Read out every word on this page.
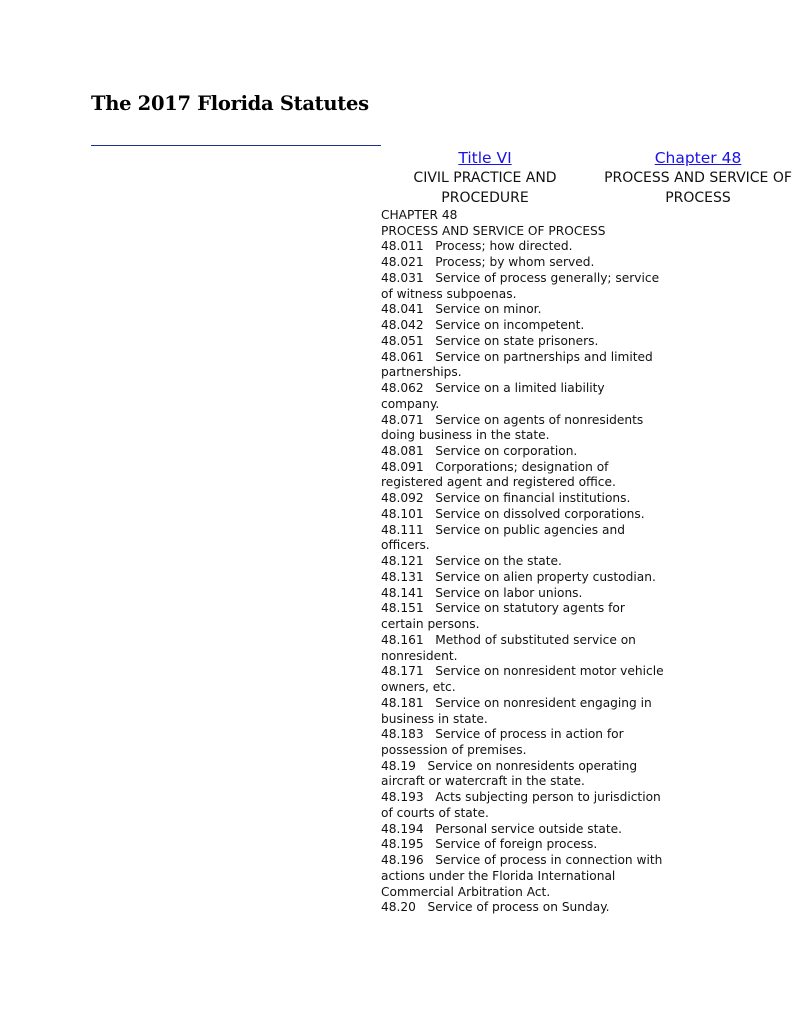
The 2017 Florida Statutes
Title VI
CIVIL PRACTICE AND
PROCEDURE
Chapter 48
PROCESS AND SERVICE OF
PROCESS
CHAPTER 48
PROCESS AND SERVICE OF PROCESS
48.011   Process; how directed.
48.021   Process; by whom served.
48.031   Service of process generally; service
of witness subpoenas.
48.041   Service on minor.
48.042   Service on incompetent.
48.051   Service on state prisoners.
48.061   Service on partnerships and limited
partnerships.
48.062   Service on a limited liability
company.
48.071   Service on agents of nonresidents
doing business in the state.
48.081   Service on corporation.
48.091   Corporations; designation of
registered agent and registered office.
48.092   Service on financial institutions.
48.101   Service on dissolved corporations.
48.111   Service on public agencies and
officers.
48.121   Service on the state.
48.131   Service on alien property custodian.
48.141   Service on labor unions.
48.151   Service on statutory agents for
certain persons.
48.161   Method of substituted service on
nonresident.
48.171   Service on nonresident motor vehicle
owners, etc.
48.181   Service on nonresident engaging in
business in state.
48.183   Service of process in action for
possession of premises.
48.19   Service on nonresidents operating
aircraft or watercraft in the state.
48.193   Acts subjecting person to jurisdiction
of courts of state.
48.194   Personal service outside state.
48.195   Service of foreign process.
48.196   Service of process in connection with
actions under the Florida International
Commercial Arbitration Act.
48.20   Service of process on Sunday.
